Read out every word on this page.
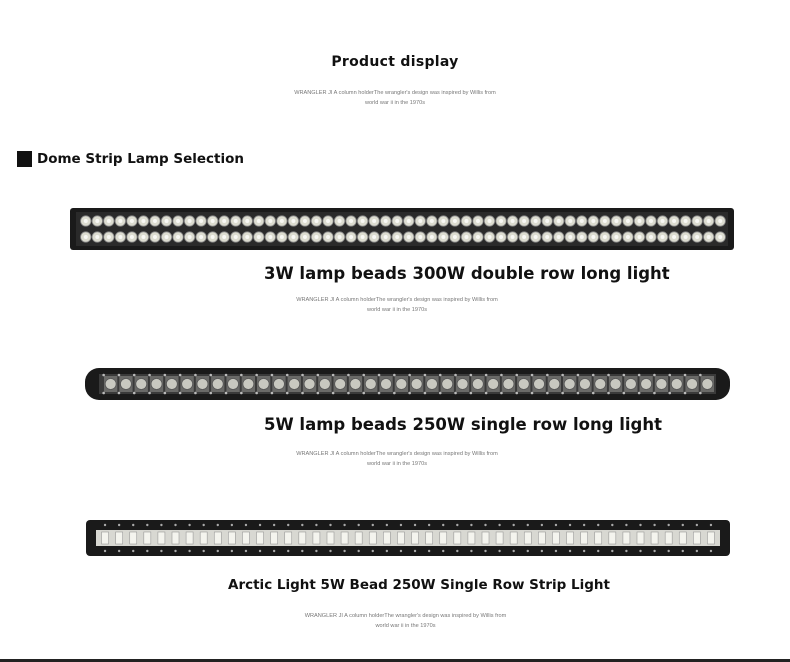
Product display
WRANGLER JI A column holderThe wrangler's design was inspired by Willis from
world war ii in the 1970s
Dome Strip Lamp Selection
3W lamp beads 300W double row long light
WRANGLER JI A column holderThe wrangler's design was inspired by Willis from
world war ii in the 1970s
5W lamp beads 250W single row long light
WRANGLER JI A column holderThe wrangler's design was inspired by Willis from
world war ii in the 1970s
Arctic Light 5W Bead 250W Single Row Strip Light
WRANGLER JI A column holderThe wrangler's design was inspired by Willis from
world war ii in the 1970s
